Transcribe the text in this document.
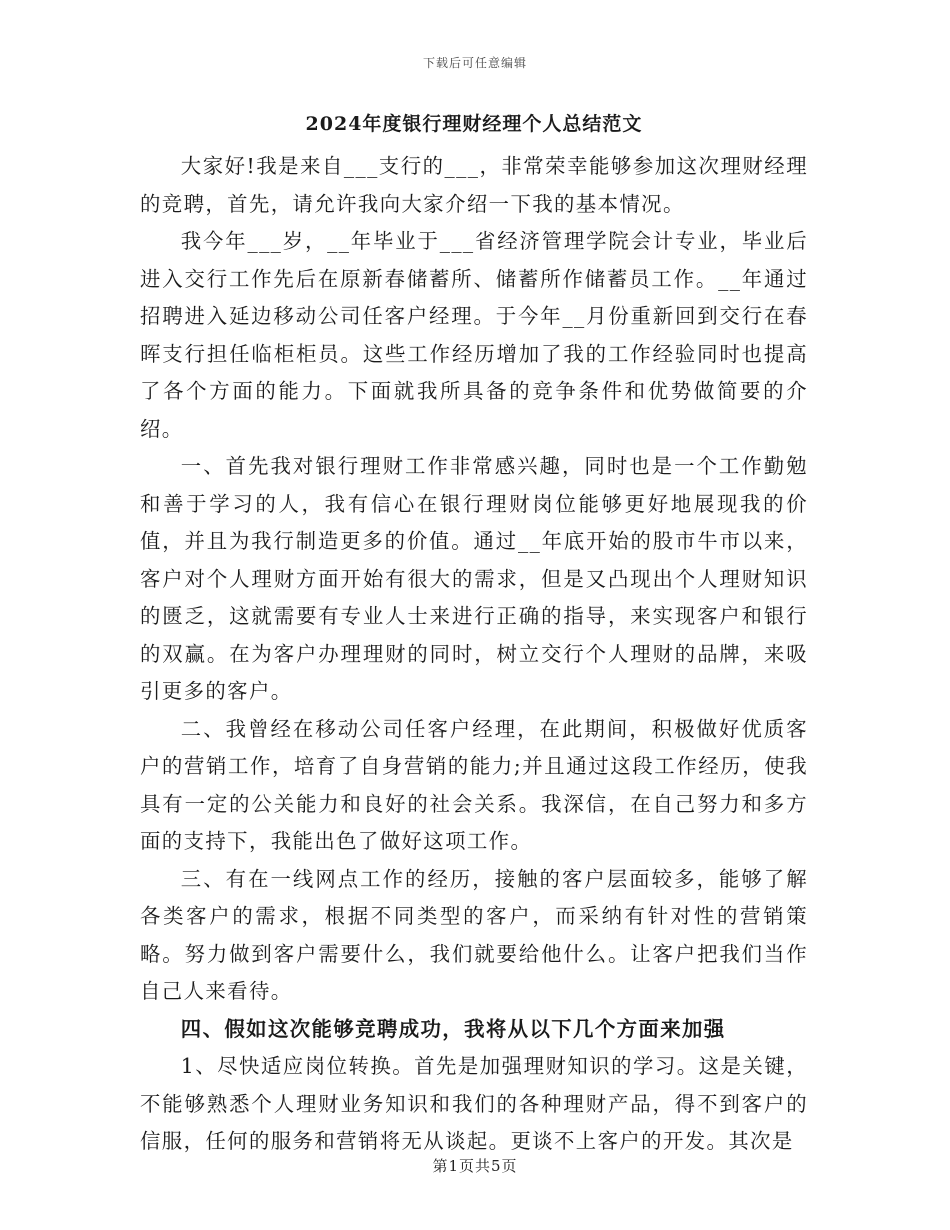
下载后可任意编辑
2024年度银行理财经理个人总结范文

大家好!我是来自___支行的___，非常荣幸能够参加这次理财经理的竞聘，首先，请允许我向大家介绍一下我的基本情况。

我今年___岁，__年毕业于___省经济管理学院会计专业，毕业后进入交行工作先后在原新春储蓄所、储蓄所作储蓄员工作。__年通过招聘进入延边移动公司任客户经理。于今年__月份重新回到交行在春晖支行担任临柜柜员。这些工作经历增加了我的工作经验同时也提高了各个方面的能力。下面就我所具备的竞争条件和优势做简要的介绍。

一、首先我对银行理财工作非常感兴趣，同时也是一个工作勤勉和善于学习的人，我有信心在银行理财岗位能够更好地展现我的价值，并且为我行制造更多的价值。通过__年底开始的股市牛市以来，客户对个人理财方面开始有很大的需求，但是又凸现出个人理财知识的匮乏，这就需要有专业人士来进行正确的指导，来实现客户和银行的双赢。在为客户办理理财的同时，树立交行个人理财的品牌，来吸引更多的客户。

二、我曾经在移动公司任客户经理，在此期间，积极做好优质客户的营销工作，培育了自身营销的能力;并且通过这段工作经历，使我具有一定的公关能力和良好的社会关系。我深信，在自己努力和多方面的支持下，我能出色了做好这项工作。

三、有在一线网点工作的经历，接触的客户层面较多，能够了解各类客户的需求，根据不同类型的客户，而采纳有针对性的营销策略。努力做到客户需要什么，我们就要给他什么。让客户把我们当作自己人来看待。

四、假如这次能够竞聘成功，我将从以下几个方面来加强

1、尽快适应岗位转换。首先是加强理财知识的学习。这是关键，不能够熟悉个人理财业务知识和我们的各种理财产品，得不到客户的信服，任何的服务和营销将无从谈起。更谈不上客户的开发。其次是

第1页共5页
